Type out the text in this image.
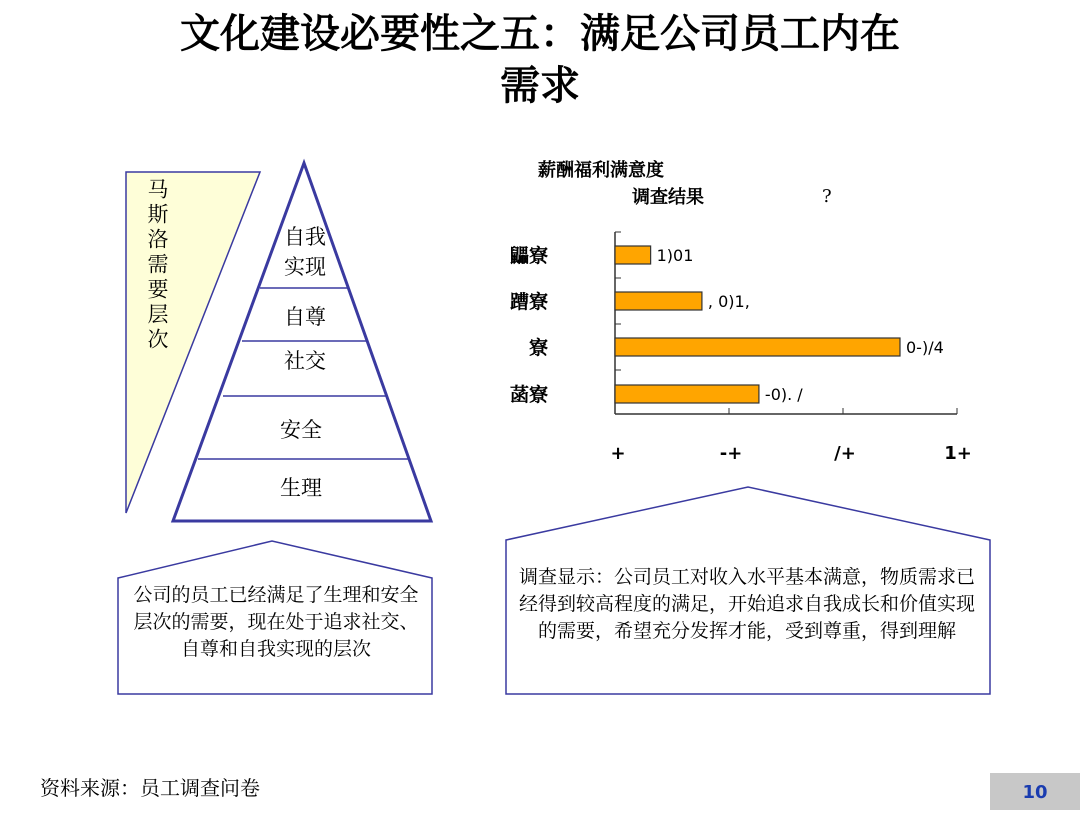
文化建设必要性之五：满足公司员工内在
需求
马斯洛需要层次	自我
实现
自尊
社交
安全
生理
薪酬福利满意度
调查结果	?
+	-+	/+	1+
1)01
鼺寮
, 0)1,
蹧寮
0-)/4
寮
-0). /
菡寮
公司的员工已经满足了生理和安全层次的需要，现在处于追求社交、自尊和自我实现的层次
调查显示：公司员工对收入水平基本满意，物质需求已经得到较高程度的满足，开始追求自我成长和价值实现的需要，希望充分发挥才能，受到尊重，得到理解
资料来源：员工调查问卷	10
